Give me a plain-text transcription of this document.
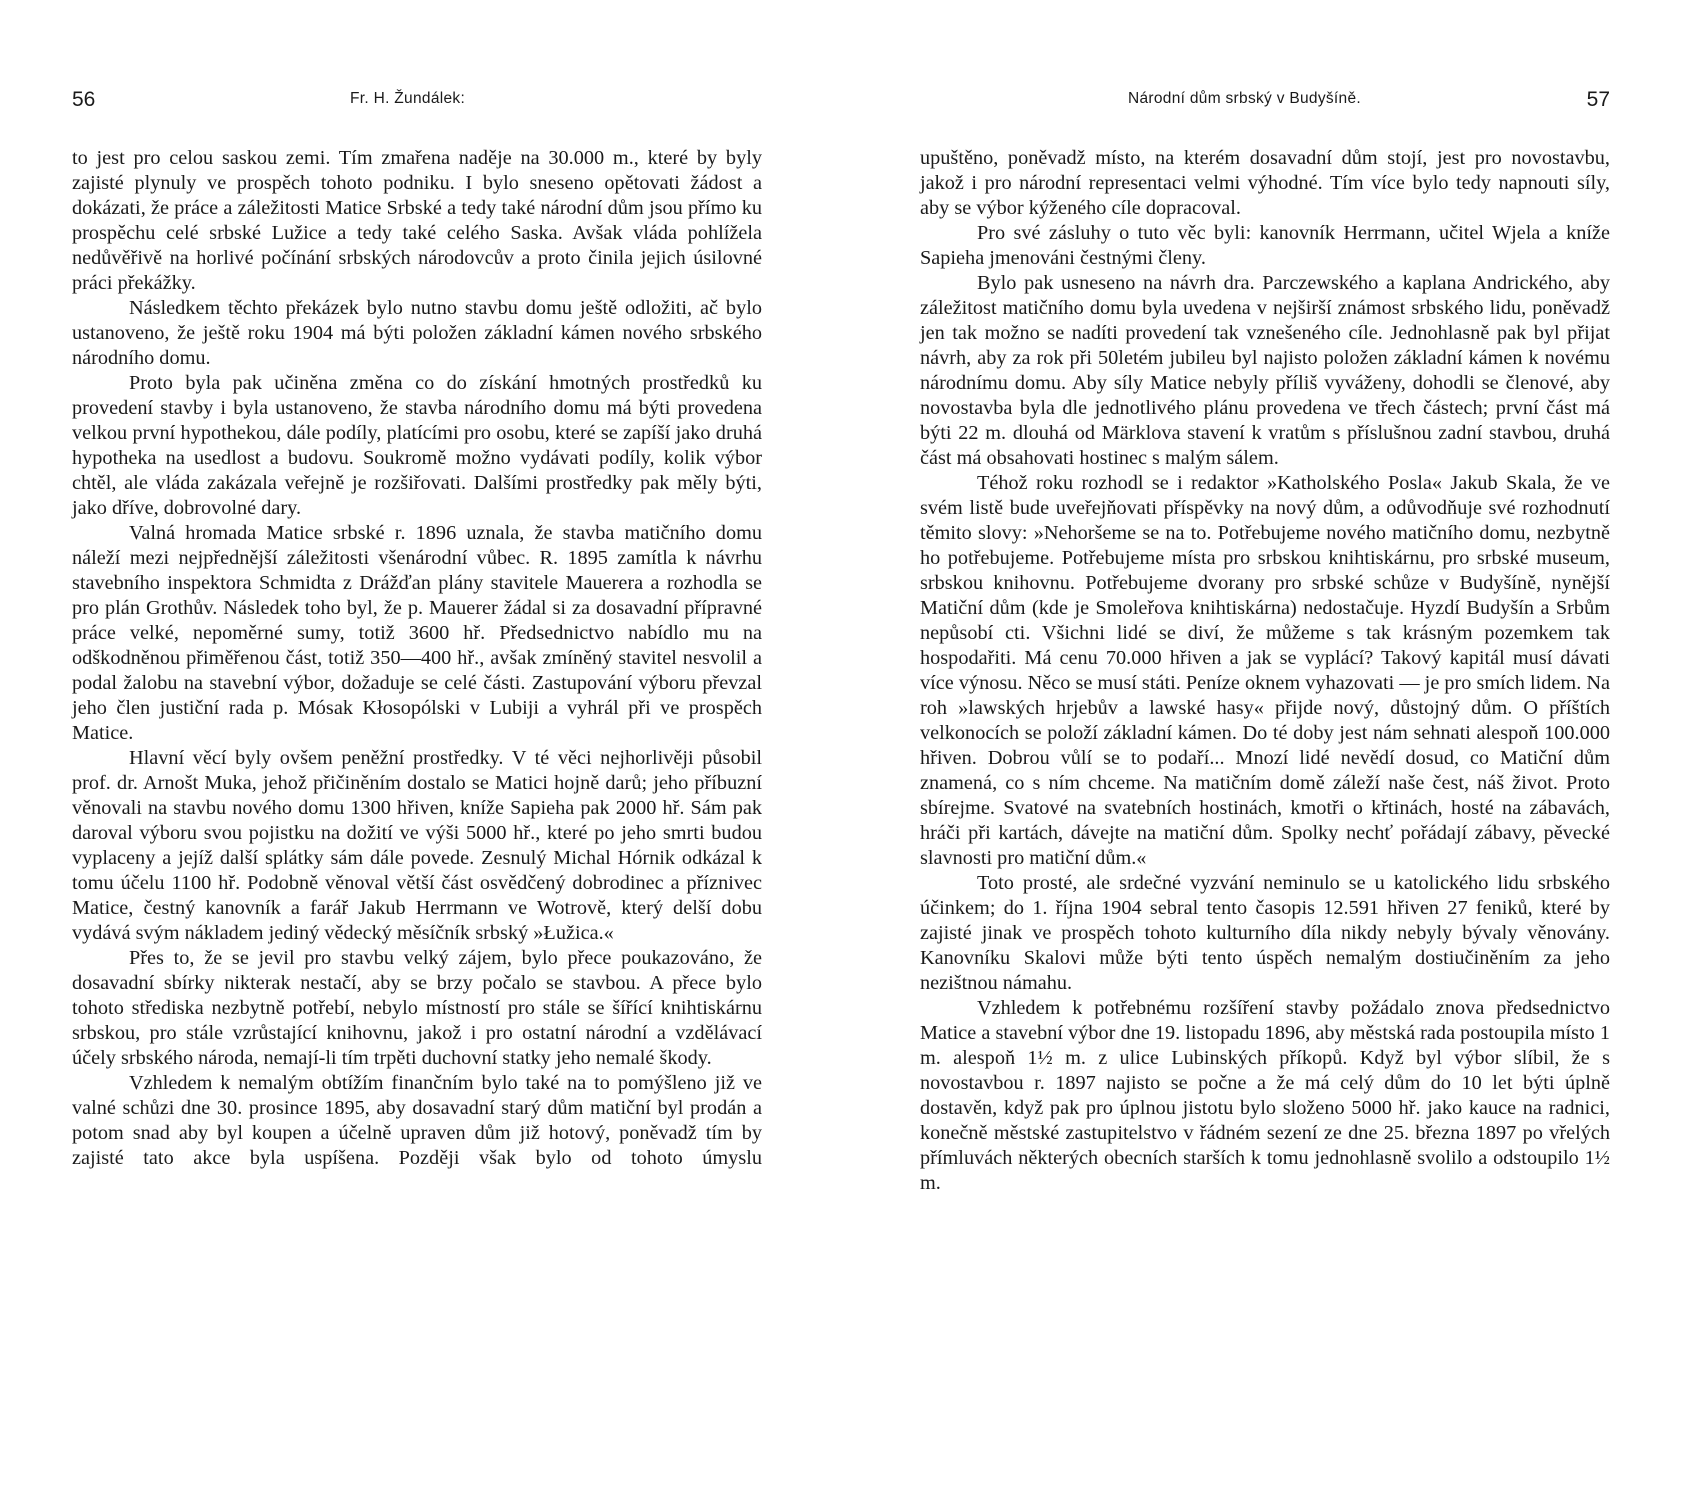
56	Fr. H. Žundálek:

to jest pro celou saskou zemi. Tím zmařena naděje na 30.000 m., které by byly zajisté plynuly ve prospěch tohoto podniku. I bylo sneseno opětovati žádost a dokázati, že práce a záležitosti Matice Srbské a tedy také národní dům jsou přímo ku prospěchu celé srbské Lužice a tedy také celého Saska. Avšak vláda pohlížela nedůvěřivě na horlivé počínání srbských národovcův a proto činila jejich úsilovné práci překážky.

Následkem těchto překázek bylo nutno stavbu domu ještě odložiti, ač bylo ustanoveno, že ještě roku 1904 má býti položen základní kámen nového srbského národního domu.

Proto byla pak učiněna změna co do získání hmotných prostředků ku provedení stavby i byla ustanoveno, že stavba národního domu má býti provedena velkou první hypothekou, dále podíly, platícími pro osobu, které se zapíší jako druhá hypotheka na usedlost a budovu. Soukromě možno vydávati podíly, kolik výbor chtěl, ale vláda zakázala veřejně je rozšiřovati. Dalšími prostředky pak měly býti, jako dříve, dobrovolné dary.

Valná hromada Matice srbské r. 1896 uznala, že stavba matičního domu náleží mezi nejpřednější záležitosti všenárodní vůbec. R. 1895 zamítla k návrhu stavebního inspektora Schmidta z Drážďan plány stavitele Mauerera a rozhodla se pro plán Grothův. Následek toho byl, že p. Mauerer žádal si za dosavadní přípravné práce velké, nepoměrné sumy, totiž 3600 hř. Předsednictvo nabídlo mu na odškodněnou přiměřenou část, totiž 350—400 hř., avšak zmíněný stavitel nesvolil a podal žalobu na stavební výbor, dožaduje se celé části. Zastupování výboru převzal jeho člen justiční rada p. Mósak Kłosopólski v Lubiji a vyhrál při ve prospěch Matice.

Hlavní věcí byly ovšem peněžní prostředky. V té věci nejhorlivěji působil prof. dr. Arnošt Muka, jehož přičiněním dostalo se Matici hojně darů; jeho příbuzní věnovali na stavbu nového domu 1300 hřiven, kníže Sapieha pak 2000 hř. Sám pak daroval výboru svou pojistku na dožití ve výši 5000 hř., které po jeho smrti budou vyplaceny a jejíž další splátky sám dále povede. Zesnulý Michal Hórnik odkázal k tomu účelu 1100 hř. Podobně věnoval větší část osvědčený dobrodinec a příznivec Matice, čestný kanovník a farář Jakub Herrmann ve Wotrově, který delší dobu vydává svým nákladem jediný vědecký měsíčník srbský »Łužica.«

Přes to, že se jevil pro stavbu velký zájem, bylo přece poukazováno, že dosavadní sbírky nikterak nestačí, aby se brzy počalo se stavbou. A přece bylo tohoto střediska nezbytně potřebí, nebylo místností pro stále se šířící knihtiskárnu srbskou, pro stále vzrůstající knihovnu, jakož i pro ostatní národní a vzdělávací účely srbského národa, nemají-li tím trpěti duchovní statky jeho nemalé škody.

Vzhledem k nemalým obtížím finančním bylo také na to pomýšleno již ve valné schůzi dne 30. prosince 1895, aby dosavadní starý dům matiční byl prodán a potom snad aby byl koupen a účelně upraven dům již hotový, poněvadž tím by zajisté tato akce byla uspíšena. Později však bylo od tohoto úmyslu

Národní dům srbský v Budyšíně.	57

upuštěno, poněvadž místo, na kterém dosavadní dům stojí, jest pro novostavbu, jakož i pro národní representaci velmi výhodné. Tím více bylo tedy napnouti síly, aby se výbor kýženého cíle dopracoval.

Pro své zásluhy o tuto věc byli: kanovník Herrmann, učitel Wjela a kníže Sapieha jmenováni čestnými členy.

Bylo pak usneseno na návrh dra. Parczewského a kaplana Andrického, aby záležitost matičního domu byla uvedena v nejširší známost srbského lidu, poněvadž jen tak možno se nadíti provedení tak vznešeného cíle. Jednohlasně pak byl přijat návrh, aby za rok při 50letém jubileu byl najisto položen základní kámen k novému národnímu domu. Aby síly Matice nebyly příliš vyváženy, dohodli se členové, aby novostavba byla dle jednotlivého plánu provedena ve třech částech; první část má býti 22 m. dlouhá od Märklova stavení k vratům s příslušnou zadní stavbou, druhá část má obsahovati hostinec s malým sálem.

Téhož roku rozhodl se i redaktor »Katholského Posla« Jakub Skala, že ve svém listě bude uveřejňovati příspěvky na nový dům, a odůvodňuje své rozhodnutí těmito slovy: »Nehoršeme se na to. Potřebujeme nového matičního domu, nezbytně ho potřebujeme. Potřebujeme místa pro srbskou knihtiskárnu, pro srbské museum, srbskou knihovnu. Potřebujeme dvorany pro srbské schůze v Budyšíně, nynější Matiční dům (kde je Smoleřova knihtiskárna) nedostačuje. Hyzdí Budyšín a Srbům nepůsobí cti. Všichni lidé se diví, že můžeme s tak krásným pozemkem tak hospodařiti. Má cenu 70.000 hřiven a jak se vyplácí? Takový kapitál musí dávati více výnosu. Něco se musí státi. Peníze oknem vyhazovati — je pro smích lidem. Na roh »lawských hrjebův a lawské hasy« přijde nový, důstojný dům. O příštích velkonocích se položí základní kámen. Do té doby jest nám sehnati alespoň 100.000 hřiven. Dobrou vůlí se to podaří... Mnozí lidé nevědí dosud, co Matiční dům znamená, co s ním chceme. Na matičním domě záleží naše čest, náš život. Proto sbírejme. Svatové na svatebních hostinách, kmotři o křtinách, hosté na zábavách, hráči při kartách, dávejte na matiční dům. Spolky nechť pořádají zábavy, pěvecké slavnosti pro matiční dům.«

Toto prosté, ale srdečné vyzvání neminulo se u katolického lidu srbského účinkem; do 1. října 1904 sebral tento časopis 12.591 hřiven 27 feniků, které by zajisté jinak ve prospěch tohoto kulturního díla nikdy nebyly bývaly věnovány. Kanovníku Skalovi může býti tento úspěch nemalým dostiučiněním za jeho nezištnou námahu.

Vzhledem k potřebnému rozšíření stavby požádalo znova předsednictvo Matice a stavební výbor dne 19. listopadu 1896, aby městská rada postoupila místo 1 m. alespoň 1½ m. z ulice Lubinských příkopů. Když byl výbor slíbil, že s novostavbou r. 1897 najisto se počne a že má celý dům do 10 let býti úplně dostavěn, když pak pro úplnou jistotu bylo složeno 5000 hř. jako kauce na radnici, konečně městské zastupitelstvo v řádném sezení ze dne 25. března 1897 po vřelých přímluvách některých obecních starších k tomu jednohlasně svolilo a odstoupilo 1½ m.
